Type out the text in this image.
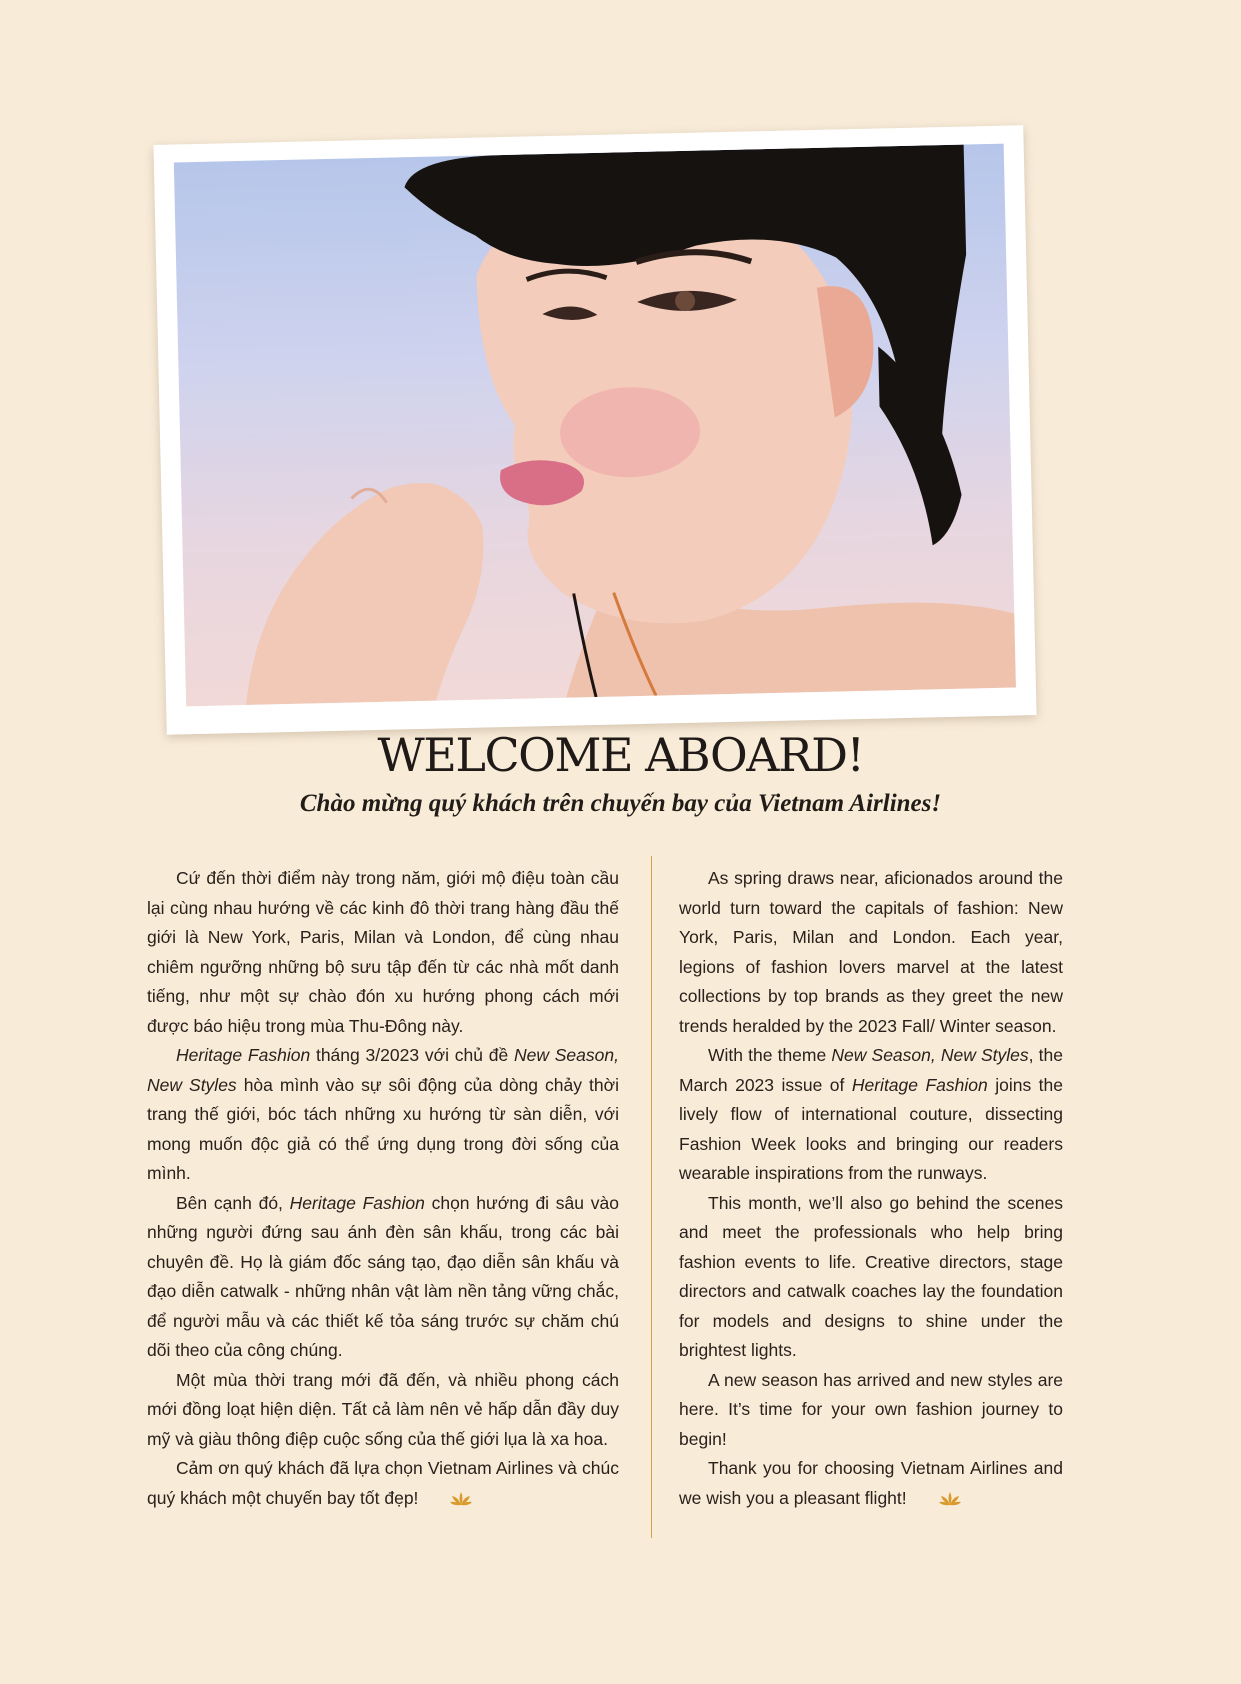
WELCOME ABOARD!

Chào mừng quý khách trên chuyến bay của Vietnam Airlines!

Cứ đến thời điểm này trong năm, giới mộ điệu toàn cầu lại cùng nhau hướng về các kinh đô thời trang hàng đầu thế giới là New York, Paris, Milan và London, để cùng nhau chiêm ngưỡng những bộ sưu tập đến từ các nhà mốt danh tiếng, như một sự chào đón xu hướng phong cách mới được báo hiệu trong mùa Thu-Đông này.

Heritage Fashion tháng 3/2023 với chủ đề New Season, New Styles hòa mình vào sự sôi động của dòng chảy thời trang thế giới, bóc tách những xu hướng từ sàn diễn, với mong muốn độc giả có thể ứng dụng trong đời sống của mình.

Bên cạnh đó, Heritage Fashion chọn hướng đi sâu vào những người đứng sau ánh đèn sân khấu, trong các bài chuyên đề. Họ là giám đốc sáng tạo, đạo diễn sân khấu và đạo diễn catwalk - những nhân vật làm nền tảng vững chắc, để người mẫu và các thiết kế tỏa sáng trước sự chăm chú dõi theo của công chúng.

Một mùa thời trang mới đã đến, và nhiều phong cách mới đồng loạt hiện diện. Tất cả làm nên vẻ hấp dẫn đầy duy mỹ và giàu thông điệp cuộc sống của thế giới lụa là xa hoa.

Cảm ơn quý khách đã lựa chọn Vietnam Airlines và chúc quý khách một chuyến bay tốt đẹp!

As spring draws near, aficionados around the world turn toward the capitals of fashion: New York, Paris, Milan and London. Each year, legions of fashion lovers marvel at the latest collections by top brands as they greet the new trends heralded by the 2023 Fall/ Winter season.

With the theme New Season, New Styles, the March 2023 issue of Heritage Fashion joins the lively flow of international couture, dissecting Fashion Week looks and bringing our readers wearable inspirations from the runways.

This month, we’ll also go behind the scenes and meet the professionals who help bring fashion events to life. Creative directors, stage directors and catwalk coaches lay the foundation for models and designs to shine under the brightest lights.

A new season has arrived and new styles are here. It’s time for your own fashion journey to begin!

Thank you for choosing Vietnam Airlines and we wish you a pleasant flight!
